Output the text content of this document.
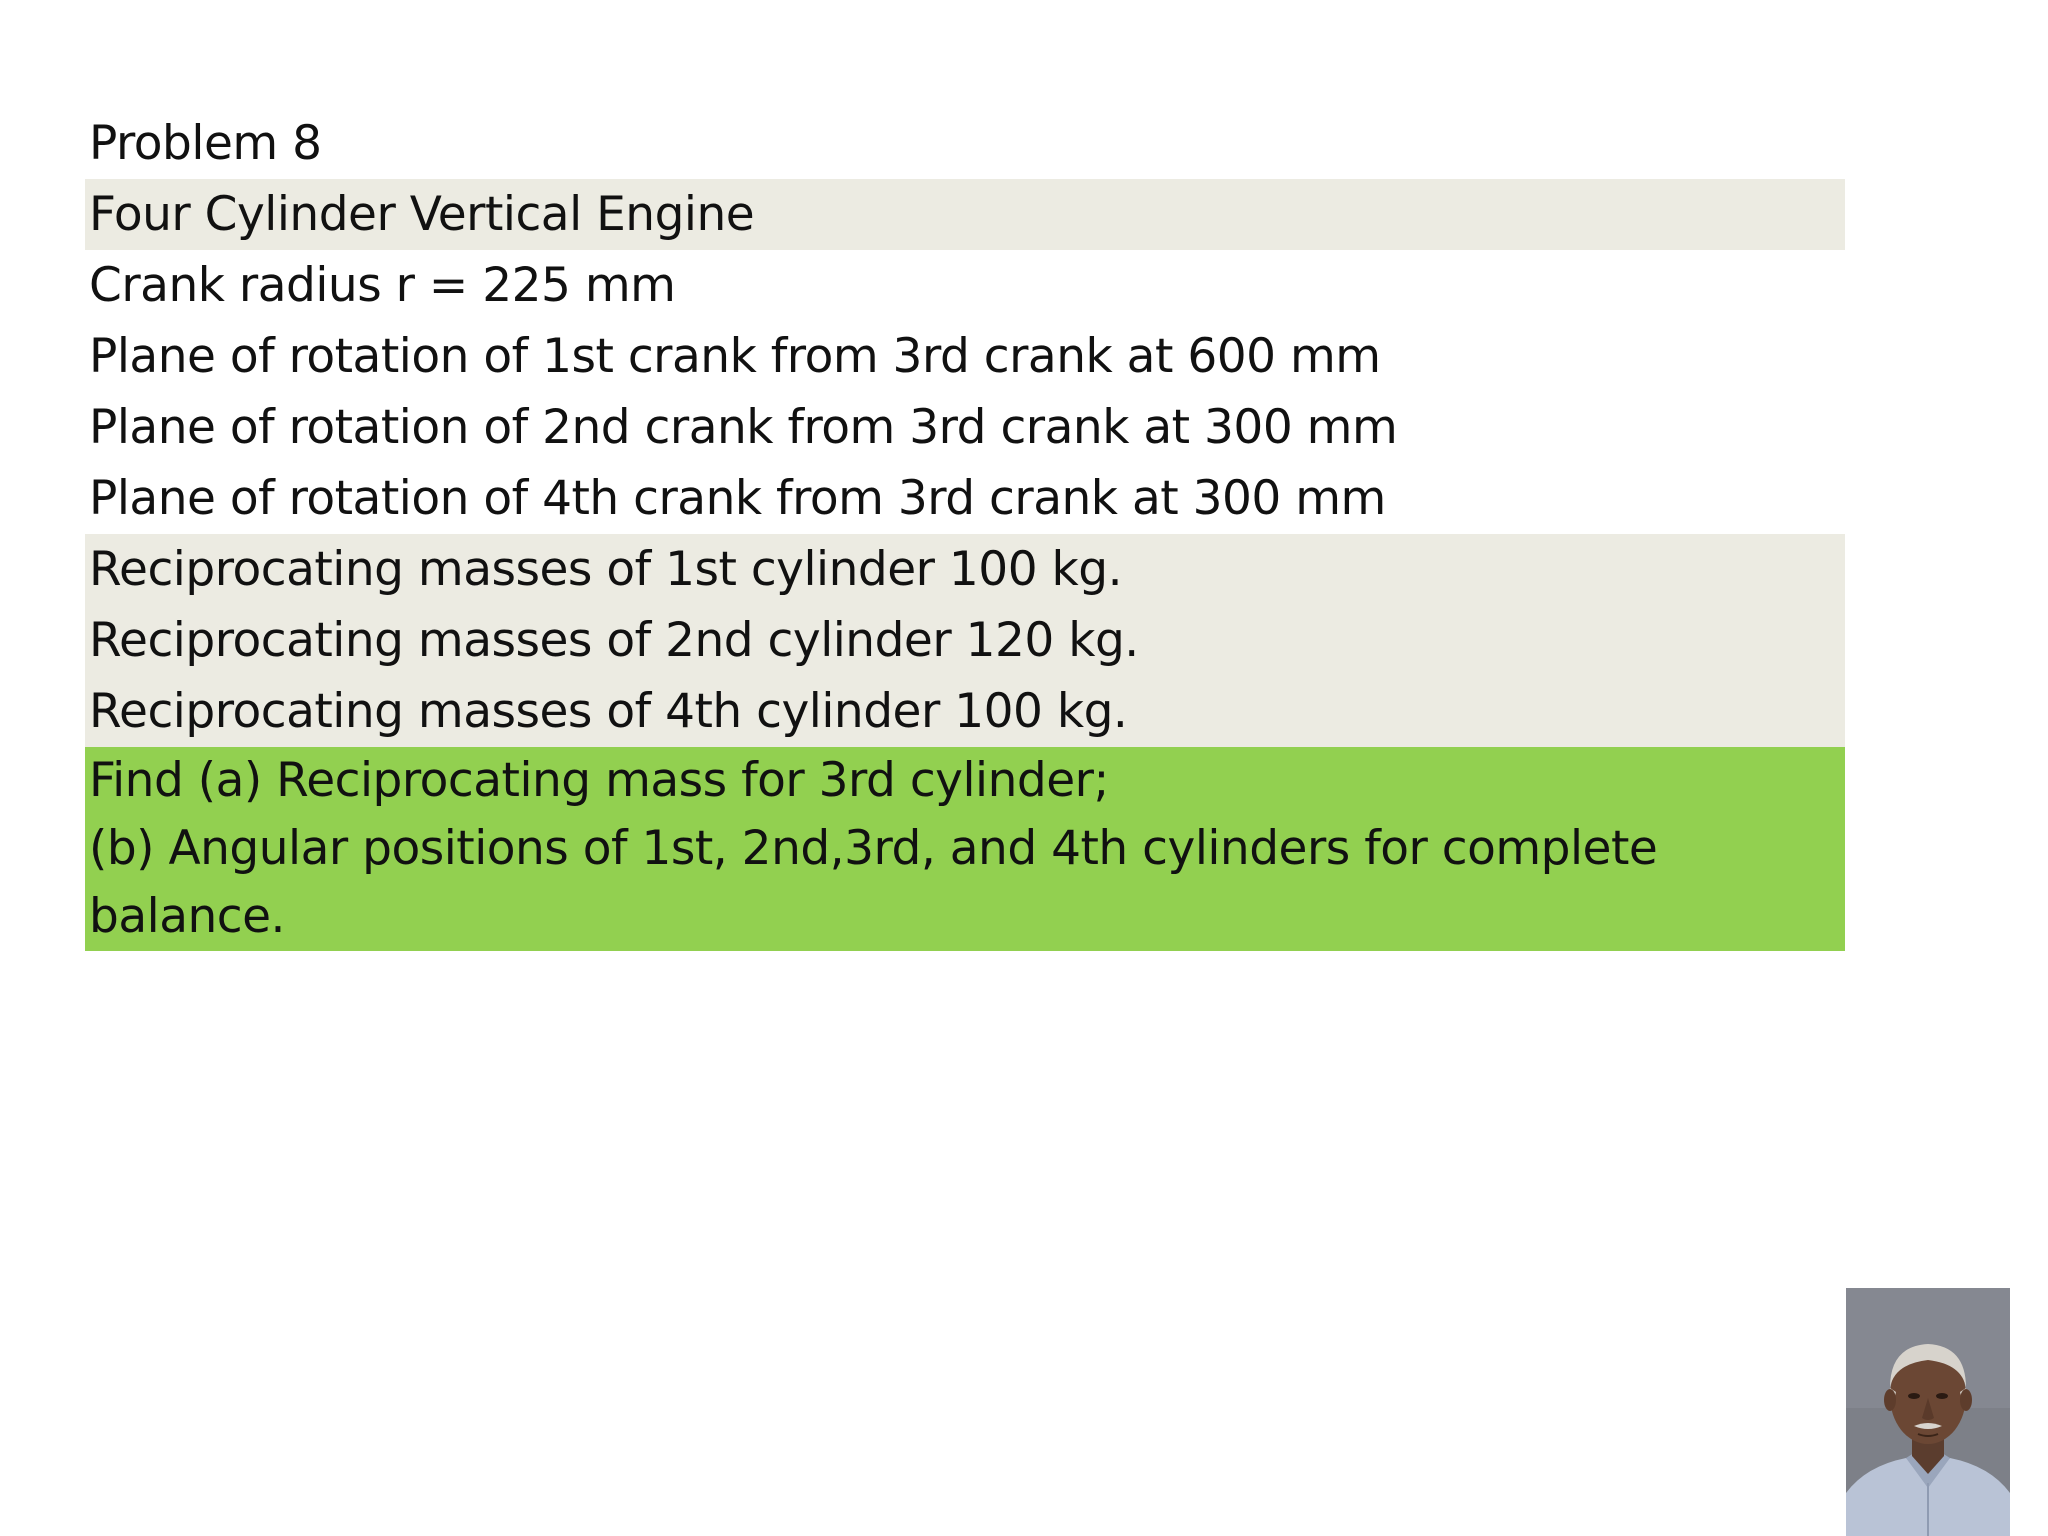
Problem 8
Four Cylinder Vertical Engine
Crank radius r = 225 mm
Plane of rotation of 1st crank from 3rd crank at 600 mm
Plane of rotation of 2nd crank from 3rd crank at 300 mm
Plane of rotation of 4th crank from 3rd crank at 300 mm
Reciprocating masses of 1st cylinder 100 kg.
Reciprocating masses of 2nd cylinder 120 kg.
Reciprocating masses of 4th cylinder 100 kg.
Find (a) Reciprocating mass for 3rd cylinder;
(b) Angular positions of 1st, 2nd,3rd, and 4th cylinders for complete
balance.
